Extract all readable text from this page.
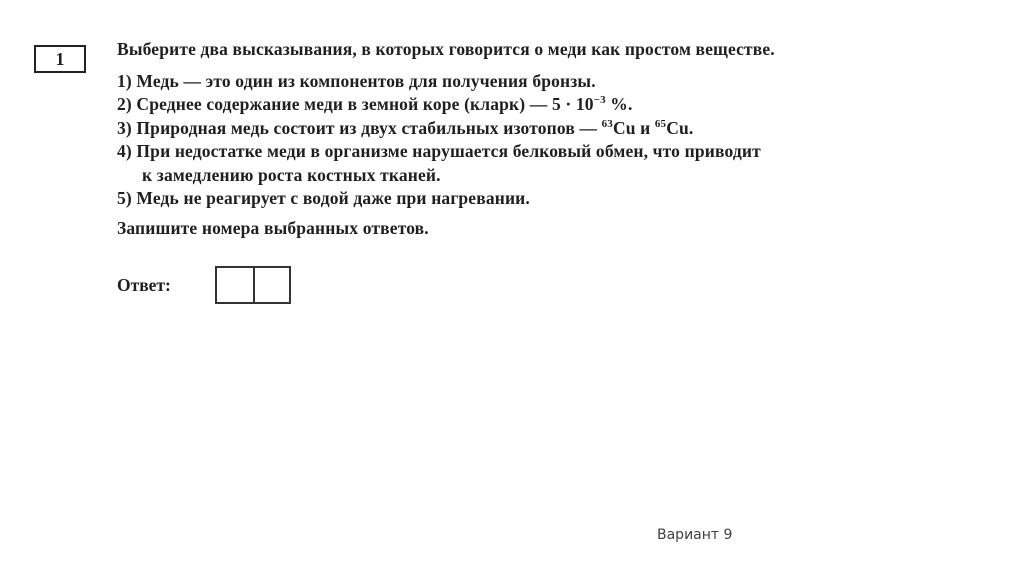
1	Выберите два высказывания, в которых говорится о меди как простом веществе.
1) Медь — это один из компонентов для получения бронзы.
2) Среднее содержание меди в земной коре (кларк) — $5 \cdot 10^{-3}$ %.
3) Природная медь состоит из двух стабильных изотопов — $^{63}$Cu и $^{65}$Cu.
4) При недостатке меди в организме нарушается белковый обмен, что приводит
к замедлению роста костных тканей.
5) Медь не реагирует с водой даже при нагревании.
Запишите номера выбранных ответов.
Ответ:
Вариант 9
